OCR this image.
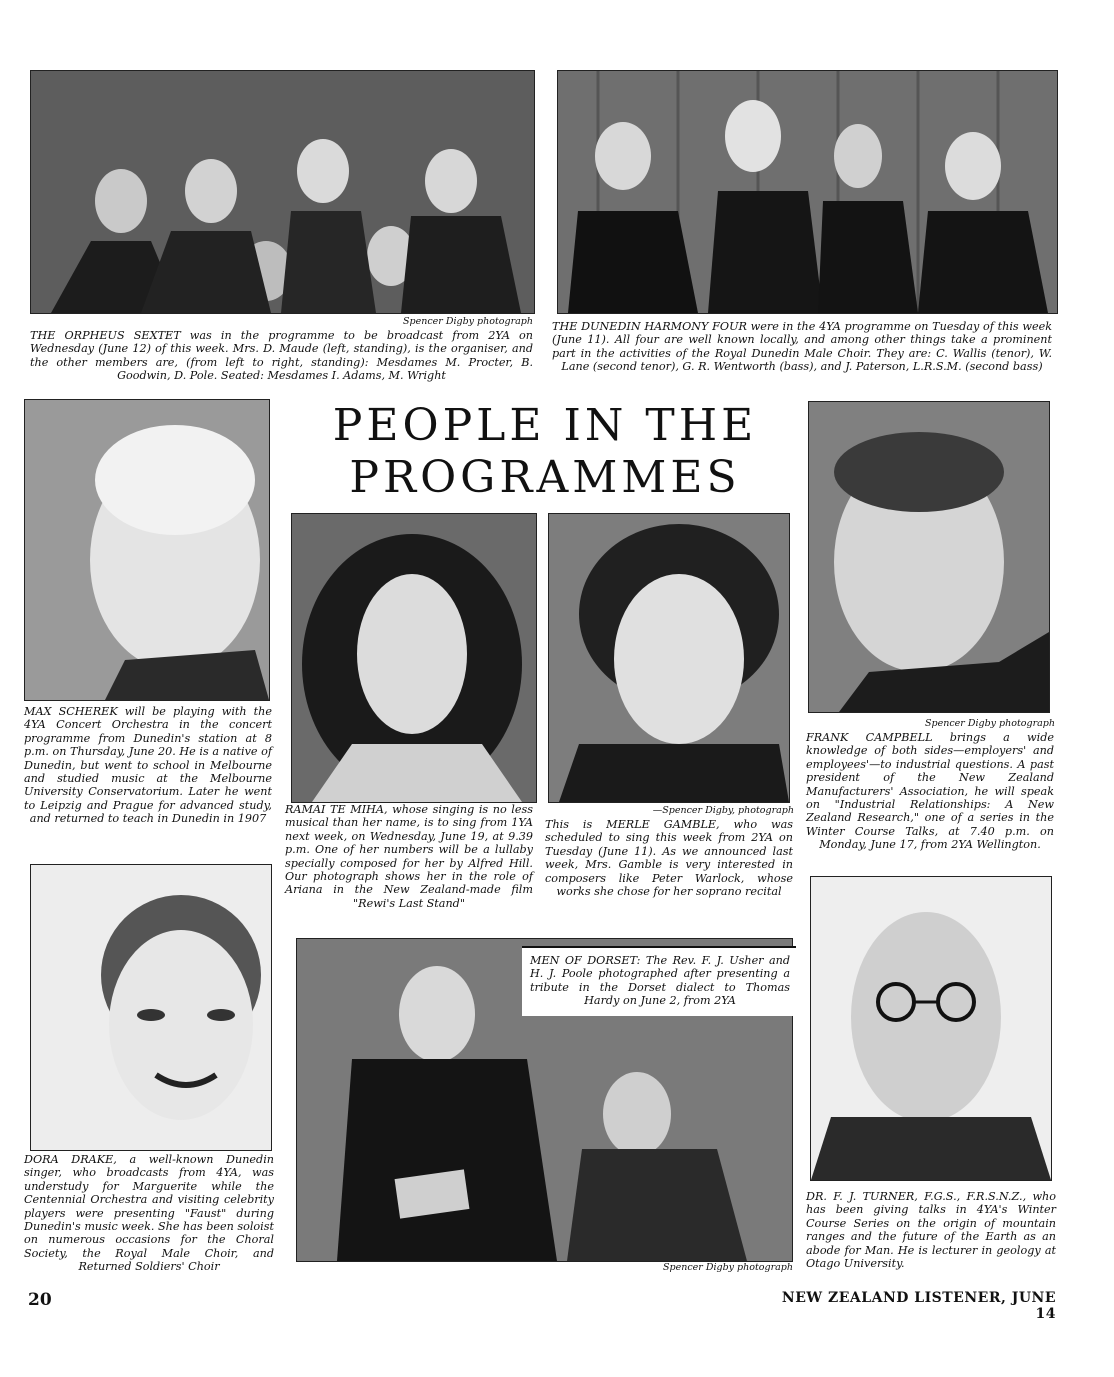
Spencer Digby photograph
THE ORPHEUS SEXTET was in the programme to be broadcast from 2YA on Wednesday (June 12) of this week. Mrs. D. Maude (left, standing), is the organiser, and the other members are, (from left to right, standing): Mesdames M. Procter, B. Goodwin, D. Pole. Seated: Mesdames I. Adams, M. Wright
THE DUNEDIN HARMONY FOUR were in the 4YA programme on Tuesday of this week (June 11). All four are well known locally, and among other things take a prominent part in the activities of the Royal Dunedin Male Choir. They are: C. Wallis (tenor), W. Lane (second tenor), G. R. Wentworth (bass), and J. Paterson, L.R.S.M. (second bass)
PEOPLE IN THE
PROGRAMMES
MAX SCHEREK will be playing with the 4YA Concert Orchestra in the concert programme from Dunedin's station at 8 p.m. on Thursday, June 20. He is a native of Dunedin, but went to school in Melbourne and studied music at the Melbourne University Conservatorium. Later he went to Leipzig and Prague for advanced study, and returned to teach in Dunedin in 1907
DORA DRAKE, a well-known Dunedin singer, who broadcasts from 4YA, was understudy for Marguerite while the Centennial Orchestra and visiting celebrity players were presenting "Faust" during Dunedin's music week. She has been soloist on numerous occasions for the Choral Society, the Royal Male Choir, and Returned Soldiers' Choir
RAMAI TE MIHA, whose singing is no less musical than her name, is to sing from 1YA next week, on Wednesday, June 19, at 9.39 p.m. One of her numbers will be a lullaby specially composed for her by Alfred Hill. Our photograph shows her in the role of Ariana in the New Zealand-made film "Rewi's Last Stand"
—Spencer Digby, photograph
This is MERLE GAMBLE, who was scheduled to sing this week from 2YA on Tuesday (June 11). As we announced last week, Mrs. Gamble is very interested in composers like Peter Warlock, whose works she chose for her soprano recital
MEN OF DORSET: The Rev. F. J. Usher and H. J. Poole photographed after presenting a tribute in the Dorset dialect to Thomas Hardy on June 2, from 2YA
Spencer Digby photograph
Spencer Digby photograph
FRANK CAMPBELL brings a wide knowledge of both sides—employers' and employees'—to industrial questions. A past president of the New Zealand Manufacturers' Association, he will speak on "Industrial Relationships: A New Zealand Research," one of a series in the Winter Course Talks, at 7.40 p.m. on Monday, June 17, from 2YA Wellington.
DR. F. J. TURNER, F.G.S., F.R.S.N.Z., who has been giving talks in 4YA's Winter Course Series on the origin of mountain ranges and the future of the Earth as an abode for Man. He is lecturer in geology at Otago University.
20	NEW ZEALAND LISTENER, JUNE 14
